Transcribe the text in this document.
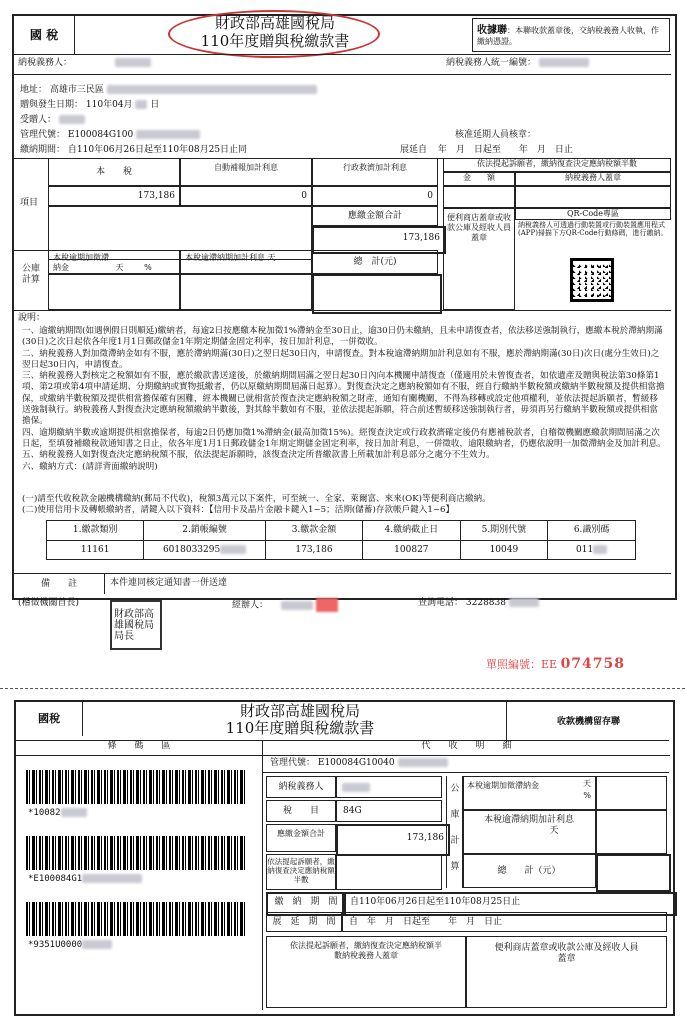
國 稅
財政部高雄國稅局
110年度贈與稅繳款書
收據聯：本聯收款蓋章後，交納稅義務人收執，作繳納憑證。
納稅義務人：	納稅義務人統一編號：
地址： 高雄市三民區
贈與發生日期： 110年04月 日
受贈人：
管理代號： E100084G100	核准延期人員核章：
繳納期間： 自110年06月26日起至110年08月25日止同	展延自 年　月　日起至　　年　月　日止
項目
本　　稅	自動補報加計利息	行政救濟加計利息
173,186	0	0
應繳金額合計
173,186
公庫計算
本稅逾期加徵滯納金	天	%
本稅逾滯納期加計利息 天	總　計(元)
依法提起訴願者，繳納復查決定應納稅額半數
金　　額	納稅義務人蓋章
便利商店蓋章或收款公庫及經收人員蓋章
QR-Code專區
納稅義務人可透過行動裝置或行動裝置應用程式(APP)掃描下方QR-Code行動條碼，進行繳納。
說明：
一、逾繳納期間(如遇例假日則順延)繳納者，每逾2日按應繳本稅加徵1%滯納金至30日止，逾30日仍未繳納，且未申請復查者，依法移送強制執行，應繳本稅於滯納期滿(30日)之次日起依各年度1月1日郵政儲金1年期定期儲金固定利率，按日加計利息，一併徵收。
二、納稅義務人對加徵滯納金如有不服，應於滯納期滿(30日)之翌日起30日內，申請復查。對本稅逾滯納期加計利息如有不服，應於滯納期滿(30日)次日(處分生效日)之翌日起30日內，申請復查。
三、納稅義務人對核定之稅額如有不服，應於繳款書送達後，於繳納期間屆滿之翌日起30日內向本機關申請復查（僅適用於未曾復查者，如依遺產及贈與稅法第30條第1項、第2項或第4項申請延期、分期繳納或實物抵繳者，仍以原繳納期間屆滿日起算）。對復查決定之應納稅額如有不服，經自行繳納半數稅額或繳納半數稅額及提供相當擔保，或繳納半數稅額及提供相當擔保確有困難，經本機關已就相當於復查決定應納稅額之財產，通知有關機關，不得為移轉或設定他項權利，並依法提起訴願者，暫緩移送強制執行。納稅義務人對復查決定應納稅額繳納半數後，對其餘半數如有不服，並依法提起訴願，符合前述暫緩移送強制執行者，毋須再另行繳納半數稅額或提供相當擔保。
四、逾期繳納半數或逾期提供相當擔保者，每逾2日仍應加徵1%滯納金(最高加徵15%)。經復查決定或行政救濟確定後仍有應補稅款者，自稽徵機關應繳款期間屆滿之次日起，至填發補繳稅款通知書之日止，依各年度1月1日郵政儲金1年期定期儲金固定利率，按日加計利息，一併徵收，逾限繳納者，仍應依說明一加徵滯納金及加計利息。
五、納稅義務人如對復查決定應納稅額不服，依法提起訴願時，該復查決定所普繳款書上所載加計利息部分之處分不生效力。
六、繳納方式：(請詳背面繳納說明)
(一)請至代收稅款金融機構繳納(郵局不代收)，稅額3萬元以下案件，可至統一、全家、萊爾富、來來(OK)等便利商店繳納。
(二)使用信用卡及轉帳繳納者，請鍵入以下資料：【信用卡及晶片金融卡鍵入1~5；活期(儲蓄)存款帳戶鍵入1~6】
1.繳款類別	2.銷帳編號	3.繳款金額	4.繳納截止日	5.期別代號	6.識別碼
11161	6018033295	173,186	100827	10049	011
備　　註	本件連同核定通知書一併送達
(稽徵機關首長)
財政部高雄國稅局局長
經辦人：	查詢電話： 3228838
單照編號：EE 074758
國稅	財政部高雄國稅局
110年度贈與稅繳款書	收款機構留存聯
條　　碼　　區	代　　收　　明　　細
*10082
*E100084G1
*9351U0000
管理代號： E100084G10040
納稅義務人
稅　　目	84G
應繳金額合計	173,186
依法提起訴願者，繳納復查決定應納稅額半數
公
庫
計
算
本稅逾期加徵滯納金	天
%
本稅逾滯納期加計利息
天
總　　計（元）
繳　納　期　間	自110年06月26日起至110年08月25日止
展　延　期　間	自　年　月　日起至　　年　月　日止
依法提起訴願者，繳納復查決定應納稅額半數納稅義務人蓋章
便利商店蓋章或收款公庫及經收人員蓋章
